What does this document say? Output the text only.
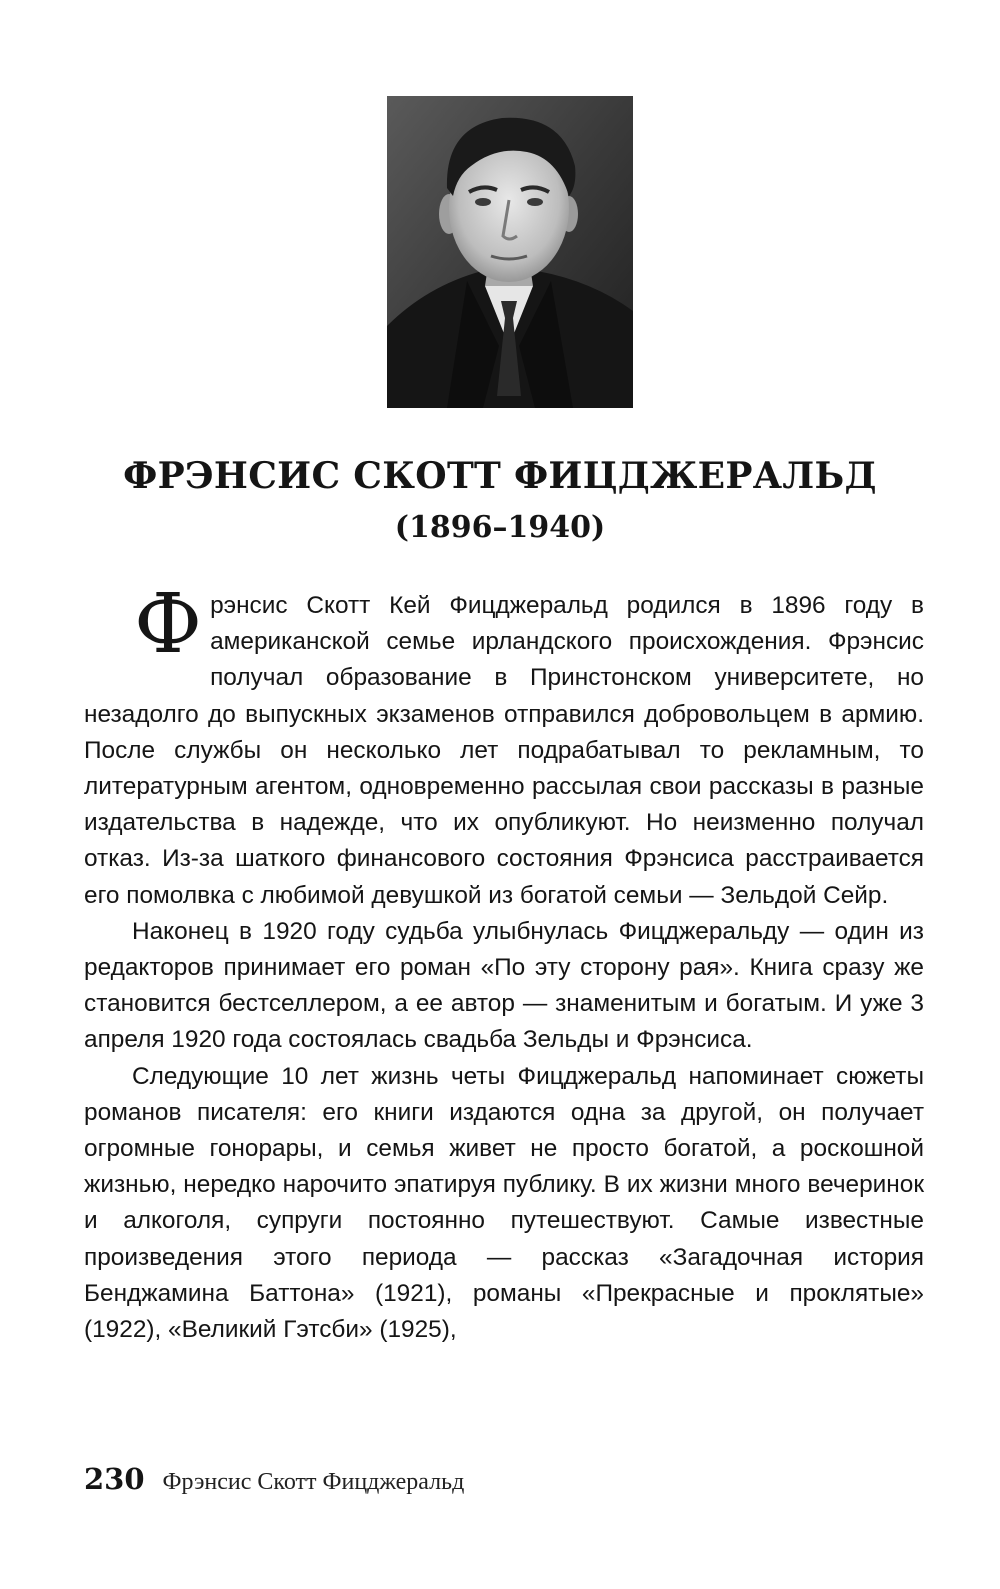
ФРЭНСИС СКОТТ ФИЦДЖЕРАЛЬД
(1896–1940)

Фрэнсис Скотт Кей Фицджеральд родился в 1896 году в американской семье ирландского происхождения. Фрэнсис получал образование в Принстонском университете, но незадолго до выпускных экзаменов отправился добровольцем в армию. После службы он несколько лет подрабатывал то рекламным, то литературным агентом, одновременно рассылая свои рассказы в разные издательства в надежде, что их опубликуют. Но неизменно получал отказ. Из-за шаткого финансового состояния Фрэнсиса расстраивается его помолвка с любимой девушкой из богатой семьи — Зельдой Сейр.

Наконец в 1920 году судьба улыбнулась Фицджеральду — один из редакторов принимает его роман «По эту сторону рая». Книга сразу же становится бестселлером, а ее автор — знаменитым и богатым. И уже 3 апреля 1920 года состоялась свадьба Зельды и Фрэнсиса.

Следующие 10 лет жизнь четы Фицджеральд напоминает сюжеты романов писателя: его книги издаются одна за другой, он получает огромные гонорары, и семья живет не просто богатой, а роскошной жизнью, нередко нарочито эпатируя публику. В их жизни много вечеринок и алкоголя, супруги постоянно путешествуют. Самые известные произведения этого периода — рассказ «Загадочная история Бенджамина Баттона» (1921), романы «Прекрасные и проклятые» (1922), «Великий Гэтсби» (1925),

230 Фрэнсис Скотт Фицджеральд
